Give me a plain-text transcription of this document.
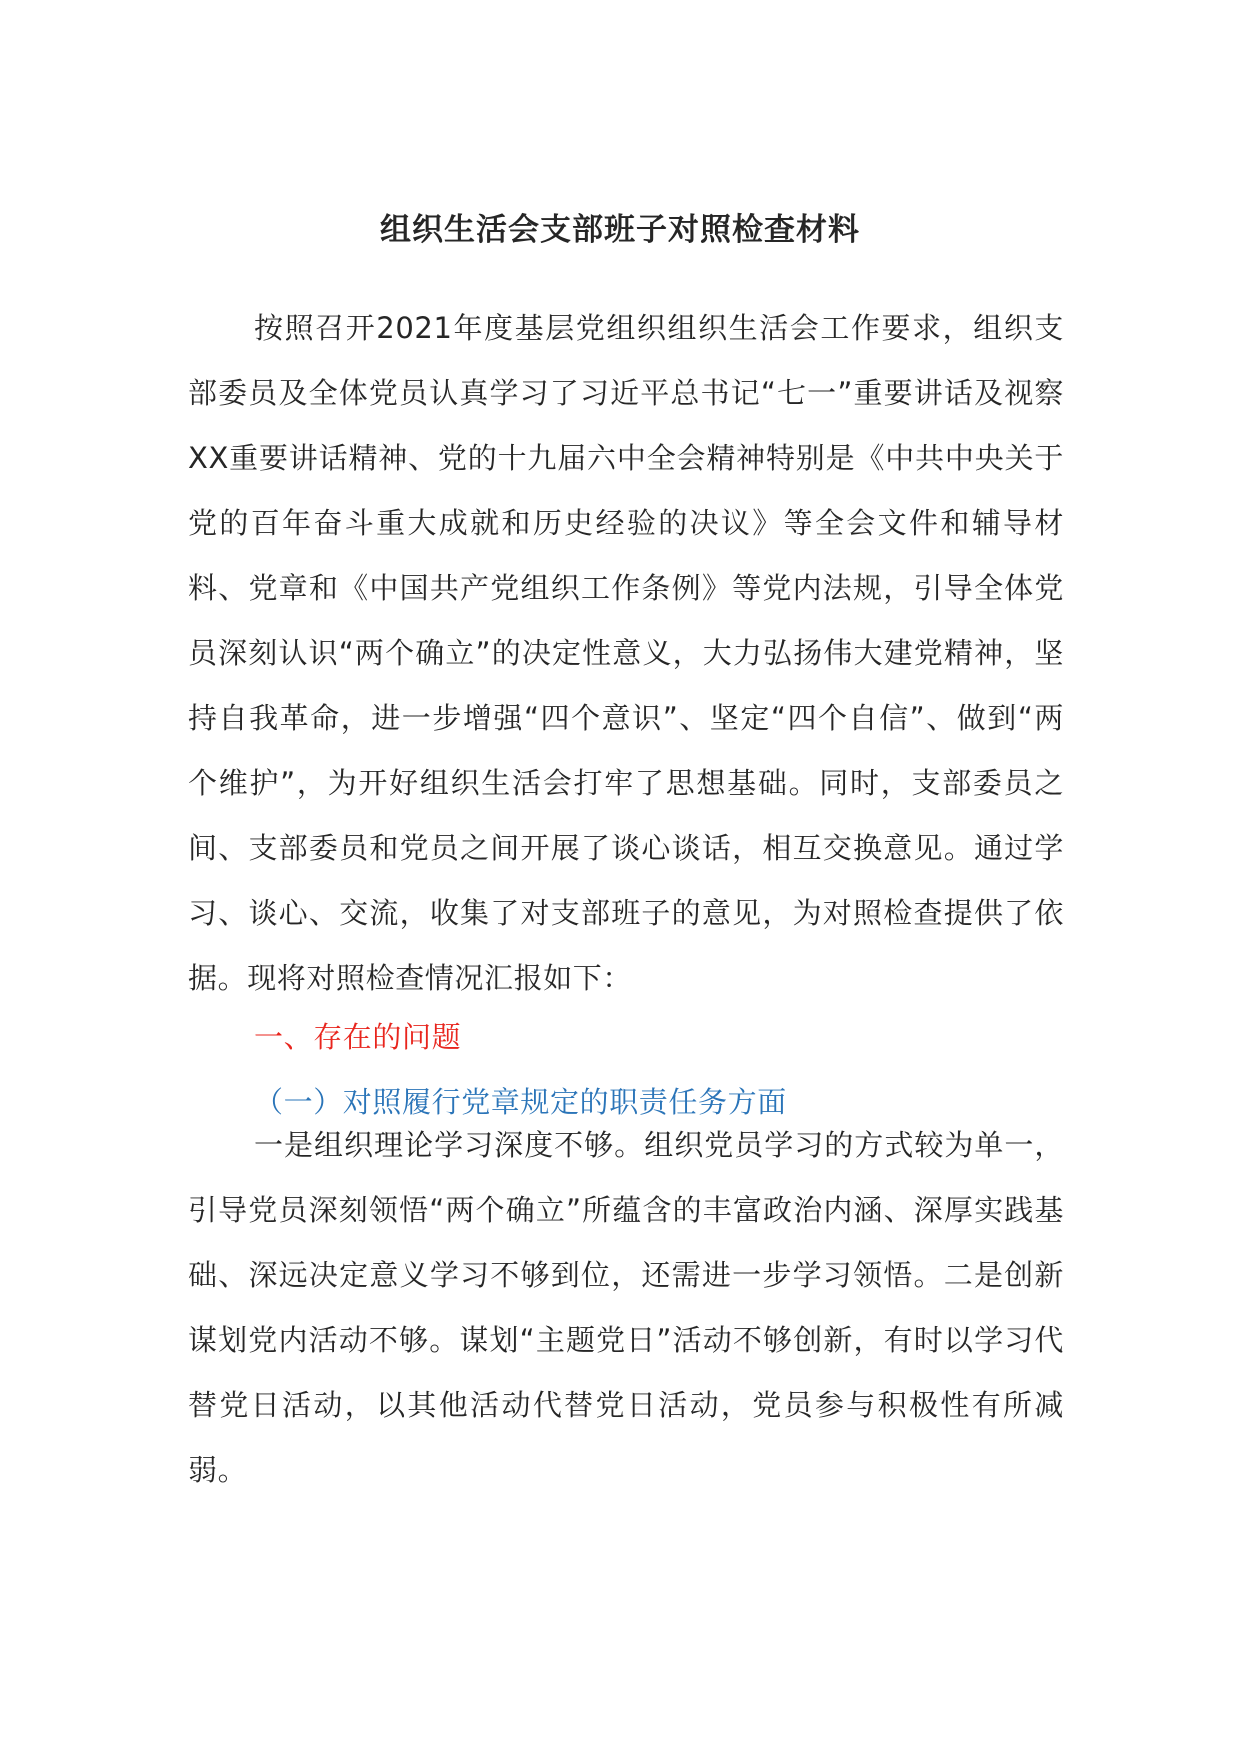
组织生活会支部班子对照检查材料

按照召开2021年度基层党组织组织生活会工作要求，组织支部委员及全体党员认真学习了习近平总书记“七一”重要讲话及视察XX重要讲话精神、党的十九届六中全会精神特别是《中共中央关于党的百年奋斗重大成就和历史经验的决议》等全会文件和辅导材料、党章和《中国共产党组织工作条例》等党内法规，引导全体党员深刻认识“两个确立”的决定性意义，大力弘扬伟大建党精神，坚持自我革命，进一步增强“四个意识”、坚定“四个自信”、做到“两个维护”，为开好组织生活会打牢了思想基础。同时，支部委员之间、支部委员和党员之间开展了谈心谈话，相互交换意见。通过学习、谈心、交流，收集了对支部班子的意见，为对照检查提供了依据。现将对照检查情况汇报如下：

一、存在的问题
（一）对照履行党章规定的职责任务方面

一是组织理论学习深度不够。组织党员学习的方式较为单一，引导党员深刻领悟“两个确立”所蕴含的丰富政治内涵、深厚实践基础、深远决定意义学习不够到位，还需进一步学习领悟。二是创新谋划党内活动不够。谋划“主题党日”活动不够创新，有时以学习代替党日活动，以其他活动代替党日活动，党员参与积极性有所减弱。
